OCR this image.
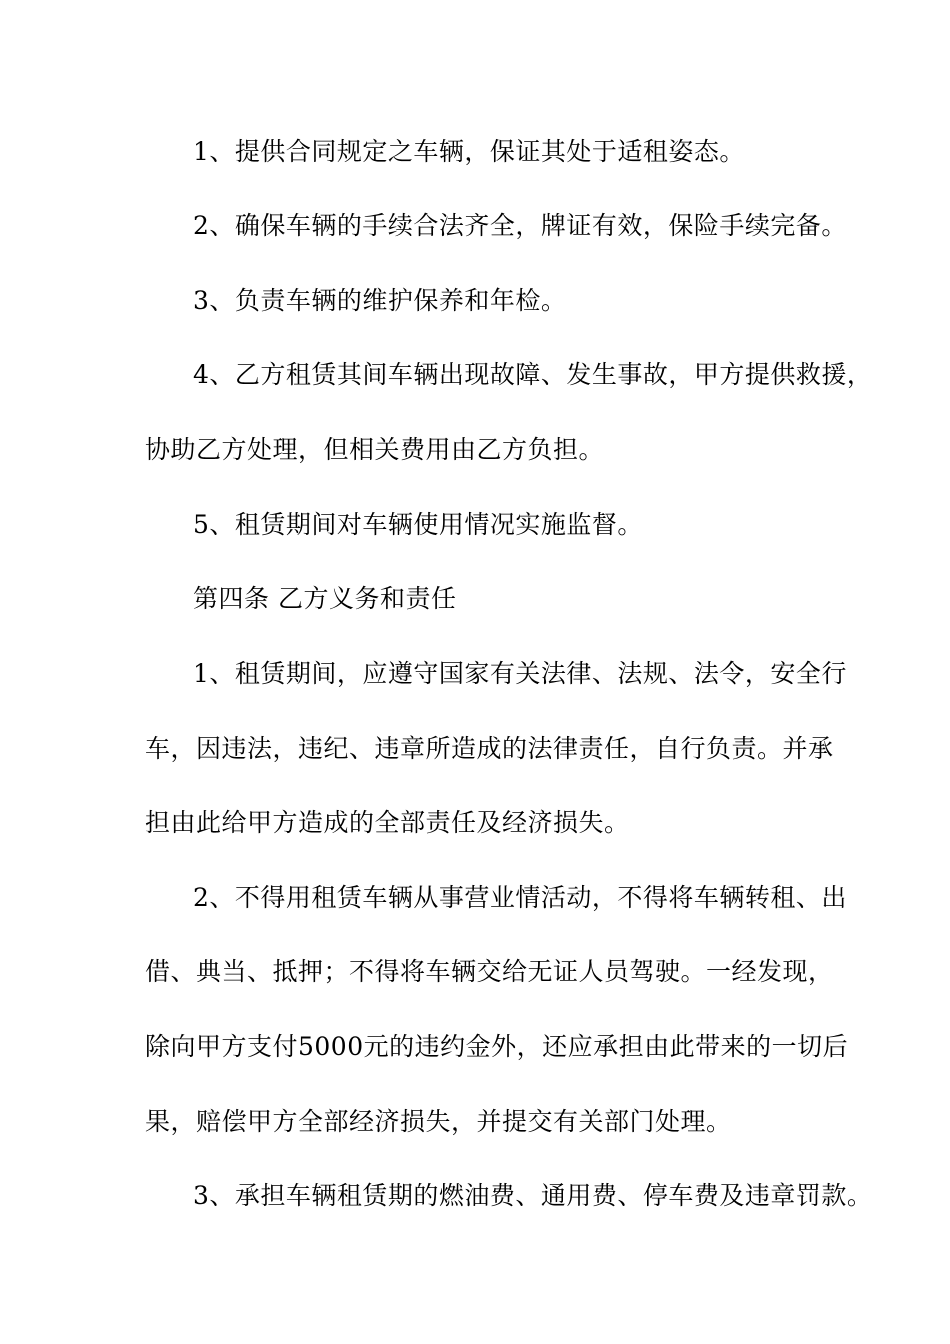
1、提供合同规定之车辆，保证其处于适租姿态。
2、确保车辆的手续合法齐全，牌证有效，保险手续完备。
3、负责车辆的维护保养和年检。
4、乙方租赁其间车辆出现故障、发生事故，甲方提供救援，
协助乙方处理，但相关费用由乙方负担。
5、租赁期间对车辆使用情况实施监督。
第四条 乙方义务和责任
1、租赁期间，应遵守国家有关法律、法规、法令，安全行
车，因违法，违纪、违章所造成的法律责任，自行负责。并承
担由此给甲方造成的全部责任及经济损失。
2、不得用租赁车辆从事营业情活动，不得将车辆转租、出
借、典当、抵押；不得将车辆交给无证人员驾驶。一经发现，
除向甲方支付5000元的违约金外，还应承担由此带来的一切后
果，赔偿甲方全部经济损失，并提交有关部门处理。
3、承担车辆租赁期的燃油费、通用费、停车费及违章罚款。
